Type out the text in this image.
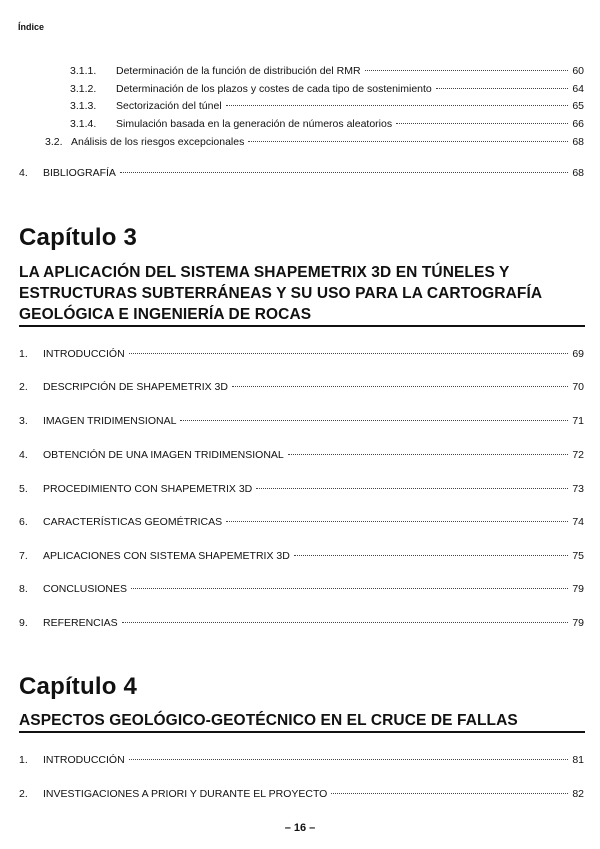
Índice
3.1.1.	Determinación de la función de distribución del RMR	60
3.1.2.	Determinación de los plazos y costes de cada tipo de sostenimiento	64
3.1.3.	Sectorización del túnel	65
3.1.4.	Simulación basada en la generación de números aleatorios	66
3.2. Análisis de los riesgos excepcionales	68
4.	BIBLIOGRAFÍA	68
Capítulo 3
LA APLICACIÓN DEL SISTEMA SHAPEMETRIX 3D EN TÚNELES Y
ESTRUCTURAS SUBTERRÁNEAS Y SU USO PARA LA CARTOGRAFÍA
GEOLÓGICA E INGENIERÍA DE ROCAS
1.	INTRODUCCIÓN	69
2.	DESCRIPCIÓN DE SHAPEMETRIX 3D	70
3.	IMAGEN TRIDIMENSIONAL	71
4.	OBTENCIÓN DE UNA IMAGEN TRIDIMENSIONAL	72
5.	PROCEDIMIENTO CON SHAPEMETRIX 3D	73
6.	CARACTERÍSTICAS GEOMÉTRICAS	74
7.	APLICACIONES CON SISTEMA SHAPEMETRIX 3D	75
8.	CONCLUSIONES	79
9.	REFERENCIAS	79
Capítulo 4
ASPECTOS GEOLÓGICO-GEOTÉCNICO EN EL CRUCE DE FALLAS
1.	INTRODUCCIÓN	81
2.	INVESTIGACIONES A PRIORI Y DURANTE EL PROYECTO	82
– 16 –
